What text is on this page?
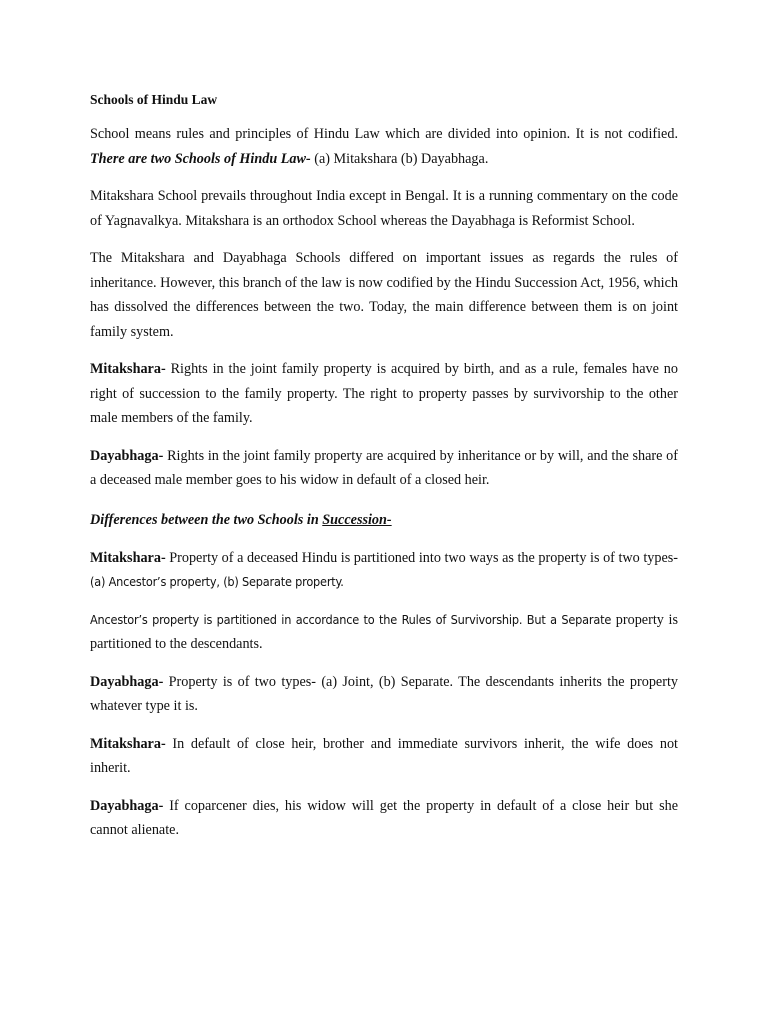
Schools of Hindu Law

School means rules and principles of Hindu Law which are divided into opinion. It is not codified. There are two Schools of Hindu Law- (a) Mitakshara (b) Dayabhaga.

Mitakshara School prevails throughout India except in Bengal. It is a running commentary on the code of Yagnavalkya. Mitakshara is an orthodox School whereas the Dayabhaga is Reformist School.

The Mitakshara and Dayabhaga Schools differed on important issues as regards the rules of inheritance. However, this branch of the law is now codified by the Hindu Succession Act, 1956, which has dissolved the differences between the two. Today, the main difference between them is on joint family system.

Mitakshara- Rights in the joint family property is acquired by birth, and as a rule, females have no right of succession to the family property. The right to property passes by survivorship to the other male members of the family.

Dayabhaga- Rights in the joint family property are acquired by inheritance or by will, and the share of a deceased male member goes to his widow in default of a closed heir.

Differences between the two Schools in Succession-

Mitakshara- Property of a deceased Hindu is partitioned into two ways as the property is of two types- (a) Ancestor’s property, (b) Separate property.

Ancestor’s property is partitioned in accordance to the Rules of Survivorship. But a Separate property is partitioned to the descendants.

Dayabhaga- Property is of two types- (a) Joint, (b) Separate. The descendants inherits the property whatever type it is.

Mitakshara- In default of close heir, brother and immediate survivors inherit, the wife does not inherit.

Dayabhaga- If coparcener dies, his widow will get the property in default of a close heir but she cannot alienate.
